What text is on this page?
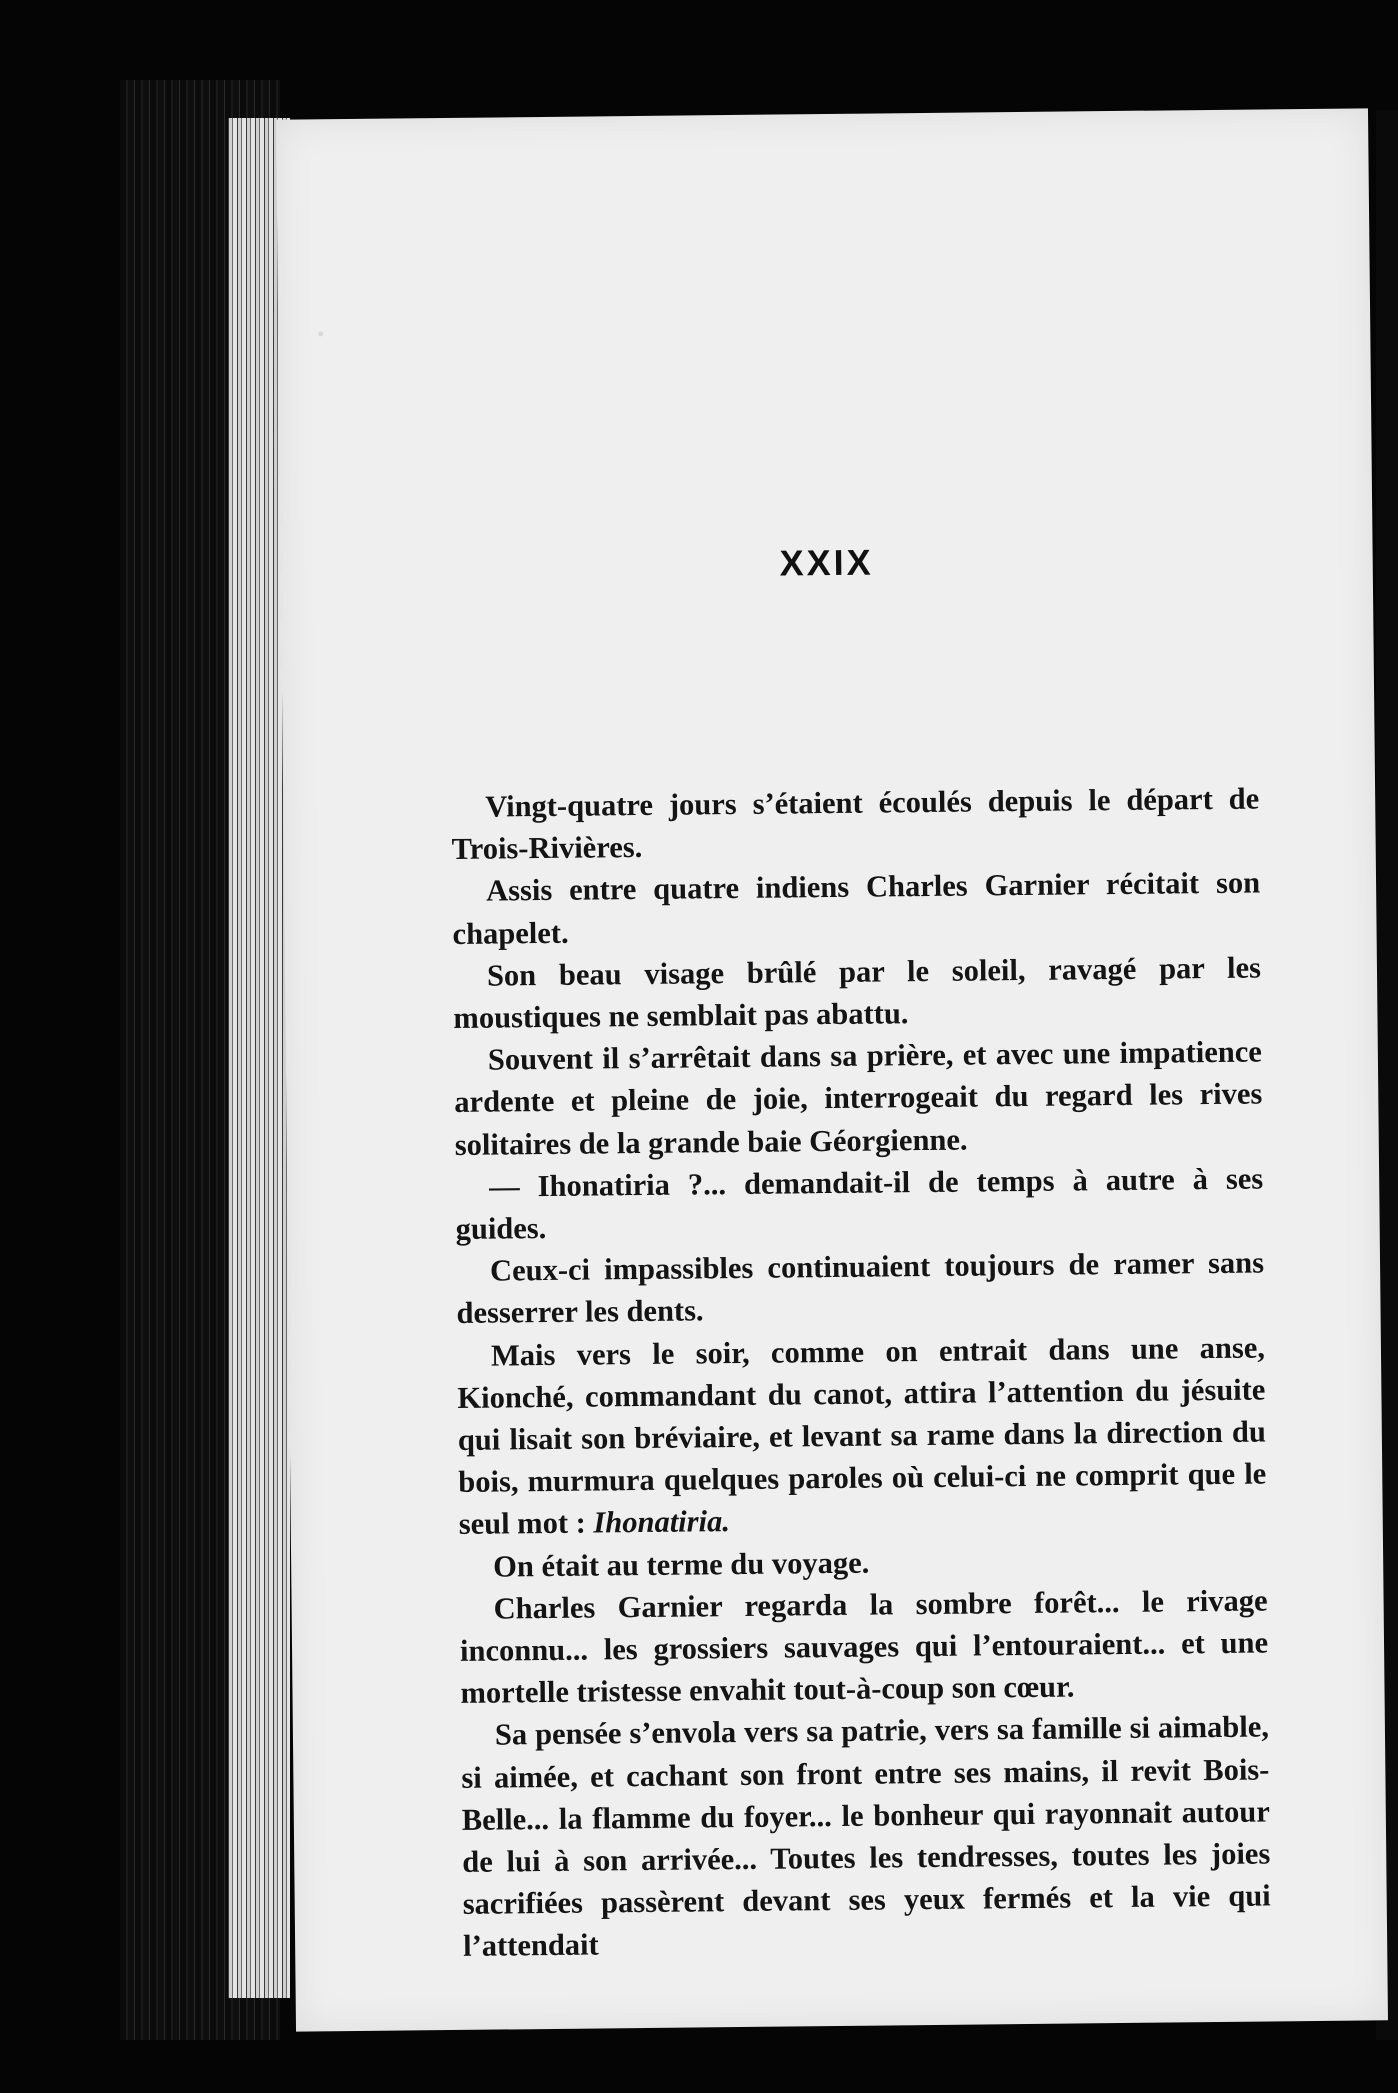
XXIX

Vingt-quatre jours s’étaient écoulés depuis le départ de Trois-Rivières.

Assis entre quatre indiens Charles Garnier récitait son chapelet.

Son beau visage brûlé par le soleil, ravagé par les moustiques ne semblait pas abattu.

Souvent il s’arrêtait dans sa prière, et avec une impatience ardente et pleine de joie, interrogeait du regard les rives solitaires de la grande baie Géorgienne.

— Ihonatiria ?... demandait-il de temps à autre à ses guides.

Ceux-ci impassibles continuaient toujours de ramer sans desserrer les dents.

Mais vers le soir, comme on entrait dans une anse, Kionché, commandant du canot, attira l’attention du jésuite qui lisait son bréviaire, et levant sa rame dans la direction du bois, murmura quelques paroles où celui-ci ne comprit que le seul mot : Ihonatiria.

On était au terme du voyage.

Charles Garnier regarda la sombre forêt... le rivage inconnu... les grossiers sauvages qui l’entouraient... et une mortelle tristesse envahit tout-à-coup son cœur.

Sa pensée s’envola vers sa patrie, vers sa famille si aimable, si aimée, et cachant son front entre ses mains, il revit Bois-Belle... la flamme du foyer... le bonheur qui rayonnait autour de lui à son arrivée... Toutes les tendresses, toutes les joies sacrifiées passèrent devant ses yeux fermés et la vie qui l’attendait
